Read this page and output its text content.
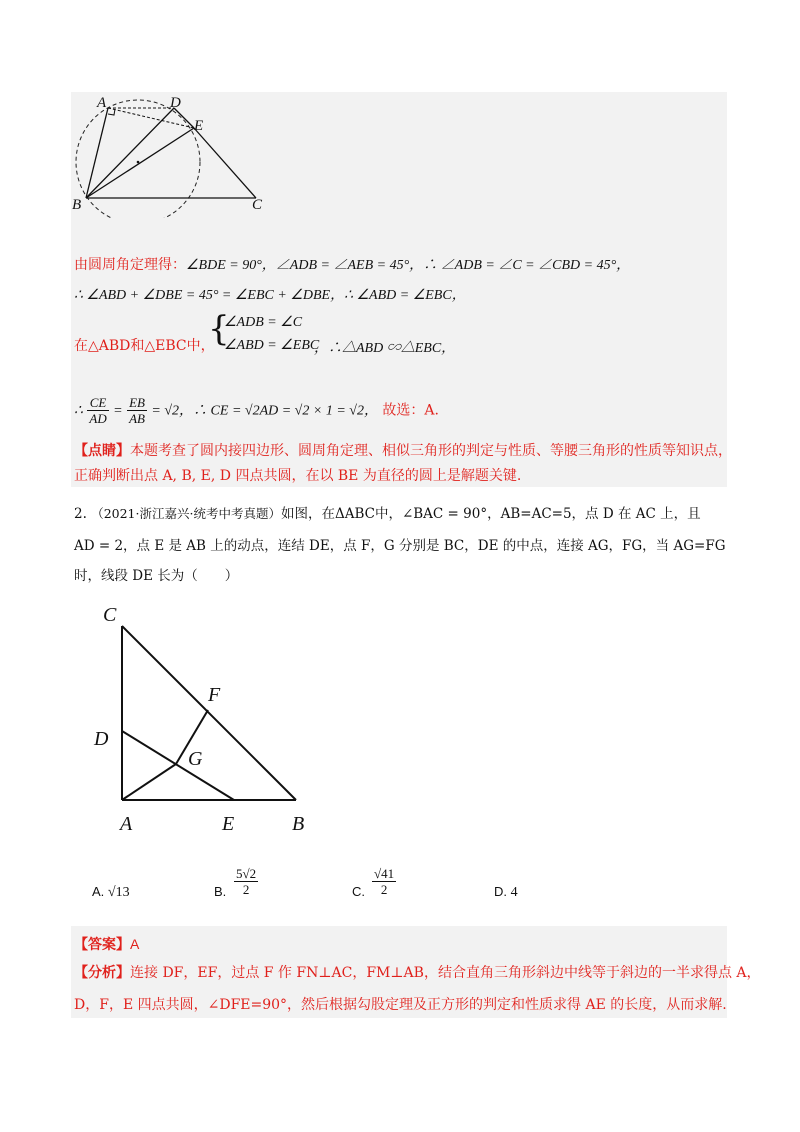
A	D
E
B	C
由圆周角定理得：∠BDE = 90°，∠ADB = ∠AEB = 45°，∴ ∠ADB = ∠C = ∠CBD = 45°，
∴ ∠ABD + ∠DBE = 45° = ∠EBC + ∠DBE，∴ ∠ABD = ∠EBC，
在△ABD和△EBC中，
{
∠ADB = ∠C
∠ABD = ∠EBC
，∴△ABD ∽△EBC，
∴ $\frac{CE}{AD} = \frac{EB}{AB} = √2$，∴ CE = √2AD = √2 × 1 = √2， 故选：A.
【点睛】本题考查了圆内接四边形、圆周角定理、相似三角形的判定与性质、等腰三角形的性质等知识点，
正确判断出点 A, B, E, D 四点共圆，在以 BE 为直径的圆上是解题关键.
2. （2021·浙江嘉兴·统考中考真题）如图，在ΔABC中，∠BAC = 90°，AB=AC=5，点 D 在 AC 上，且
AD = 2，点 E 是 AB 上的动点，连结 DE，点 F，G 分别是 BC，DE 的中点，连接 AG，FG，当 AG=FG
时，线段 DE 长为（　　）
C
F
D
G
A	E	B
A. √13	B. $\frac{5√2}{2}$	C. $\frac{√41}{2}$	D. 4
【答案】A
【分析】连接 DF，EF，过点 F 作 FN⊥AC，FM⊥AB，结合直角三角形斜边中线等于斜边的一半求得点 A，
D，F，E 四点共圆，∠DFE=90°，然后根据勾股定理及正方形的判定和性质求得 AE 的长度，从而求解.
